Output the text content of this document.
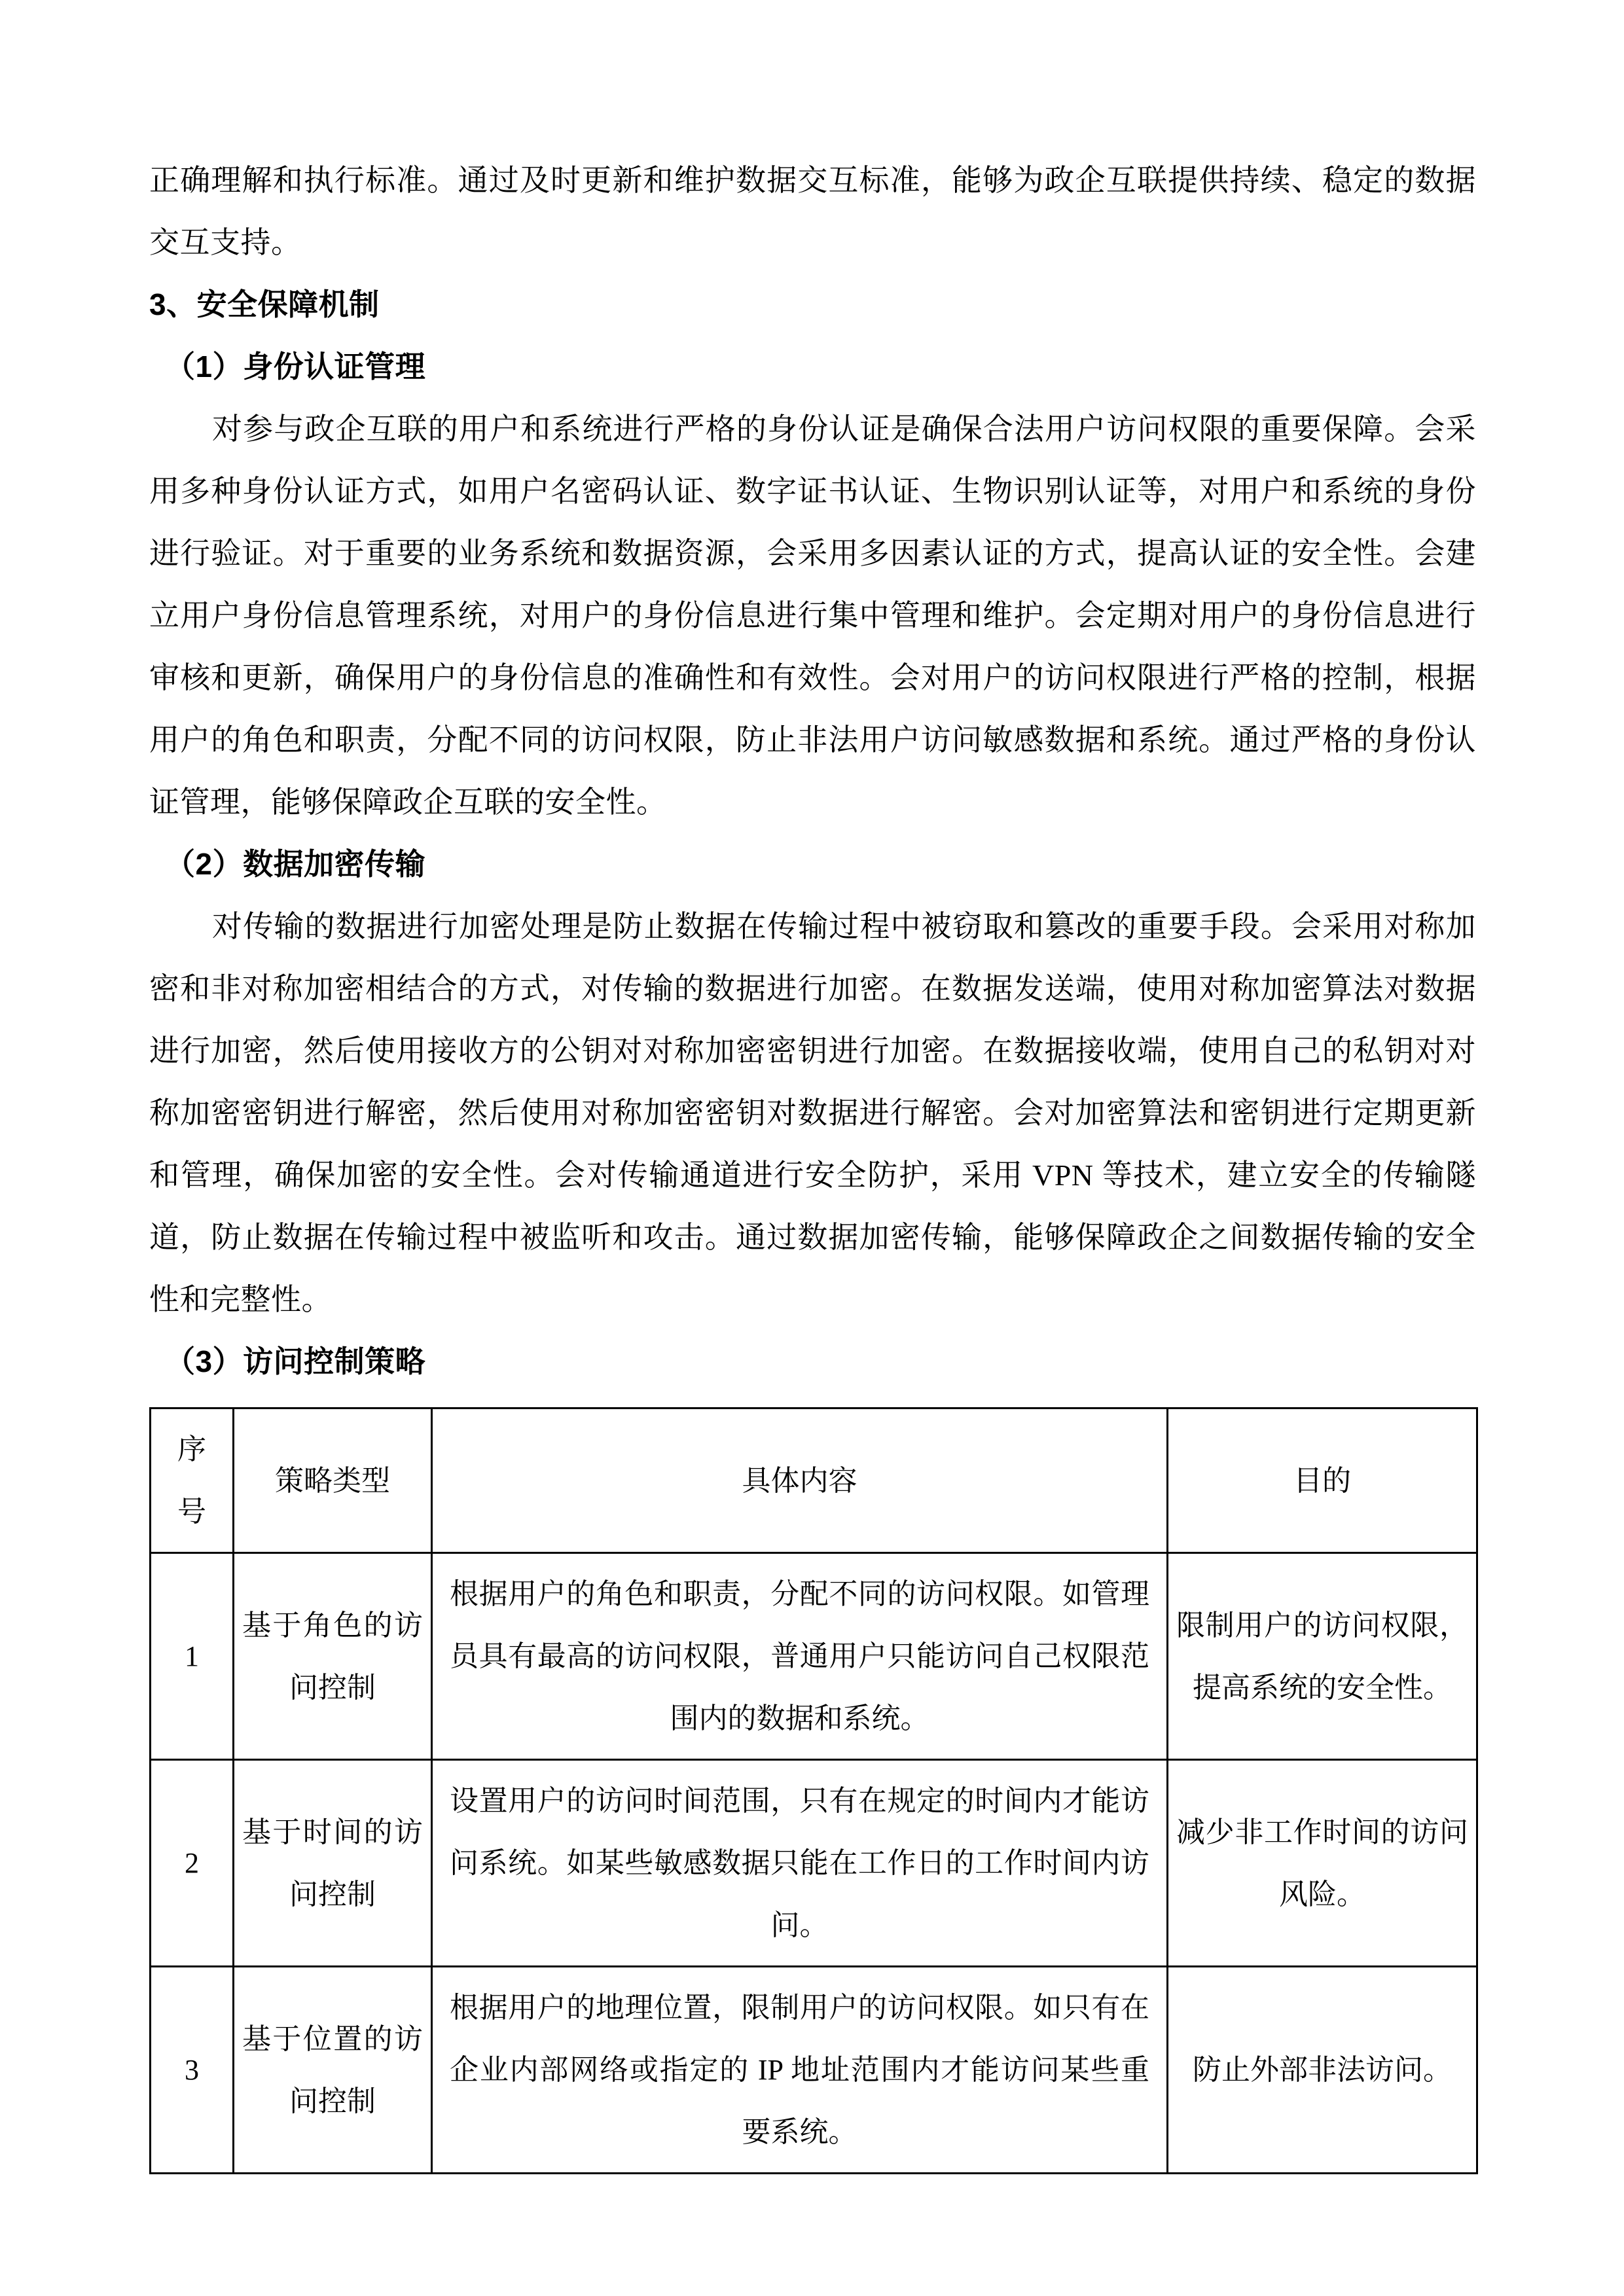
正确理解和执行标准。通过及时更新和维护数据交互标准，能够为政企互联提供持续、稳定的数据交互支持。

3、安全保障机制
（1）身份认证管理

对参与政企互联的用户和系统进行严格的身份认证是确保合法用户访问权限的重要保障。会采用多种身份认证方式，如用户名密码认证、数字证书认证、生物识别认证等，对用户和系统的身份进行验证。对于重要的业务系统和数据资源，会采用多因素认证的方式，提高认证的安全性。会建立用户身份信息管理系统，对用户的身份信息进行集中管理和维护。会定期对用户的身份信息进行审核和更新，确保用户的身份信息的准确性和有效性。会对用户的访问权限进行严格的控制，根据用户的角色和职责，分配不同的访问权限，防止非法用户访问敏感数据和系统。通过严格的身份认证管理，能够保障政企互联的安全性。

（2）数据加密传输

对传输的数据进行加密处理是防止数据在传输过程中被窃取和篡改的重要手段。会采用对称加密和非对称加密相结合的方式，对传输的数据进行加密。在数据发送端，使用对称加密算法对数据进行加密，然后使用接收方的公钥对对称加密密钥进行加密。在数据接收端，使用自己的私钥对对称加密密钥进行解密，然后使用对称加密密钥对数据进行解密。会对加密算法和密钥进行定期更新和管理，确保加密的安全性。会对传输通道进行安全防护，采用 VPN 等技术，建立安全的传输隧道，防止数据在传输过程中被监听和攻击。通过数据加密传输，能够保障政企之间数据传输的安全性和完整性。

（3）访问控制策略
序
号	策略类型	具体内容	目的
1	基于角色的访问控制	根据用户的角色和职责，分配不同的访问权限。如管理员具有最高的访问权限，普通用户只能访问自己权限范围内的数据和系统。	限制用户的访问权限，提高系统的安全性。
2	基于时间的访问控制	设置用户的访问时间范围，只有在规定的时间内才能访问系统。如某些敏感数据只能在工作日的工作时间内访问。	减少非工作时间的访问风险。
3	基于位置的访问控制	根据用户的地理位置，限制用户的访问权限。如只有在企业内部网络或指定的 IP 地址范围内才能访问某些重要系统。	防止外部非法访问。
